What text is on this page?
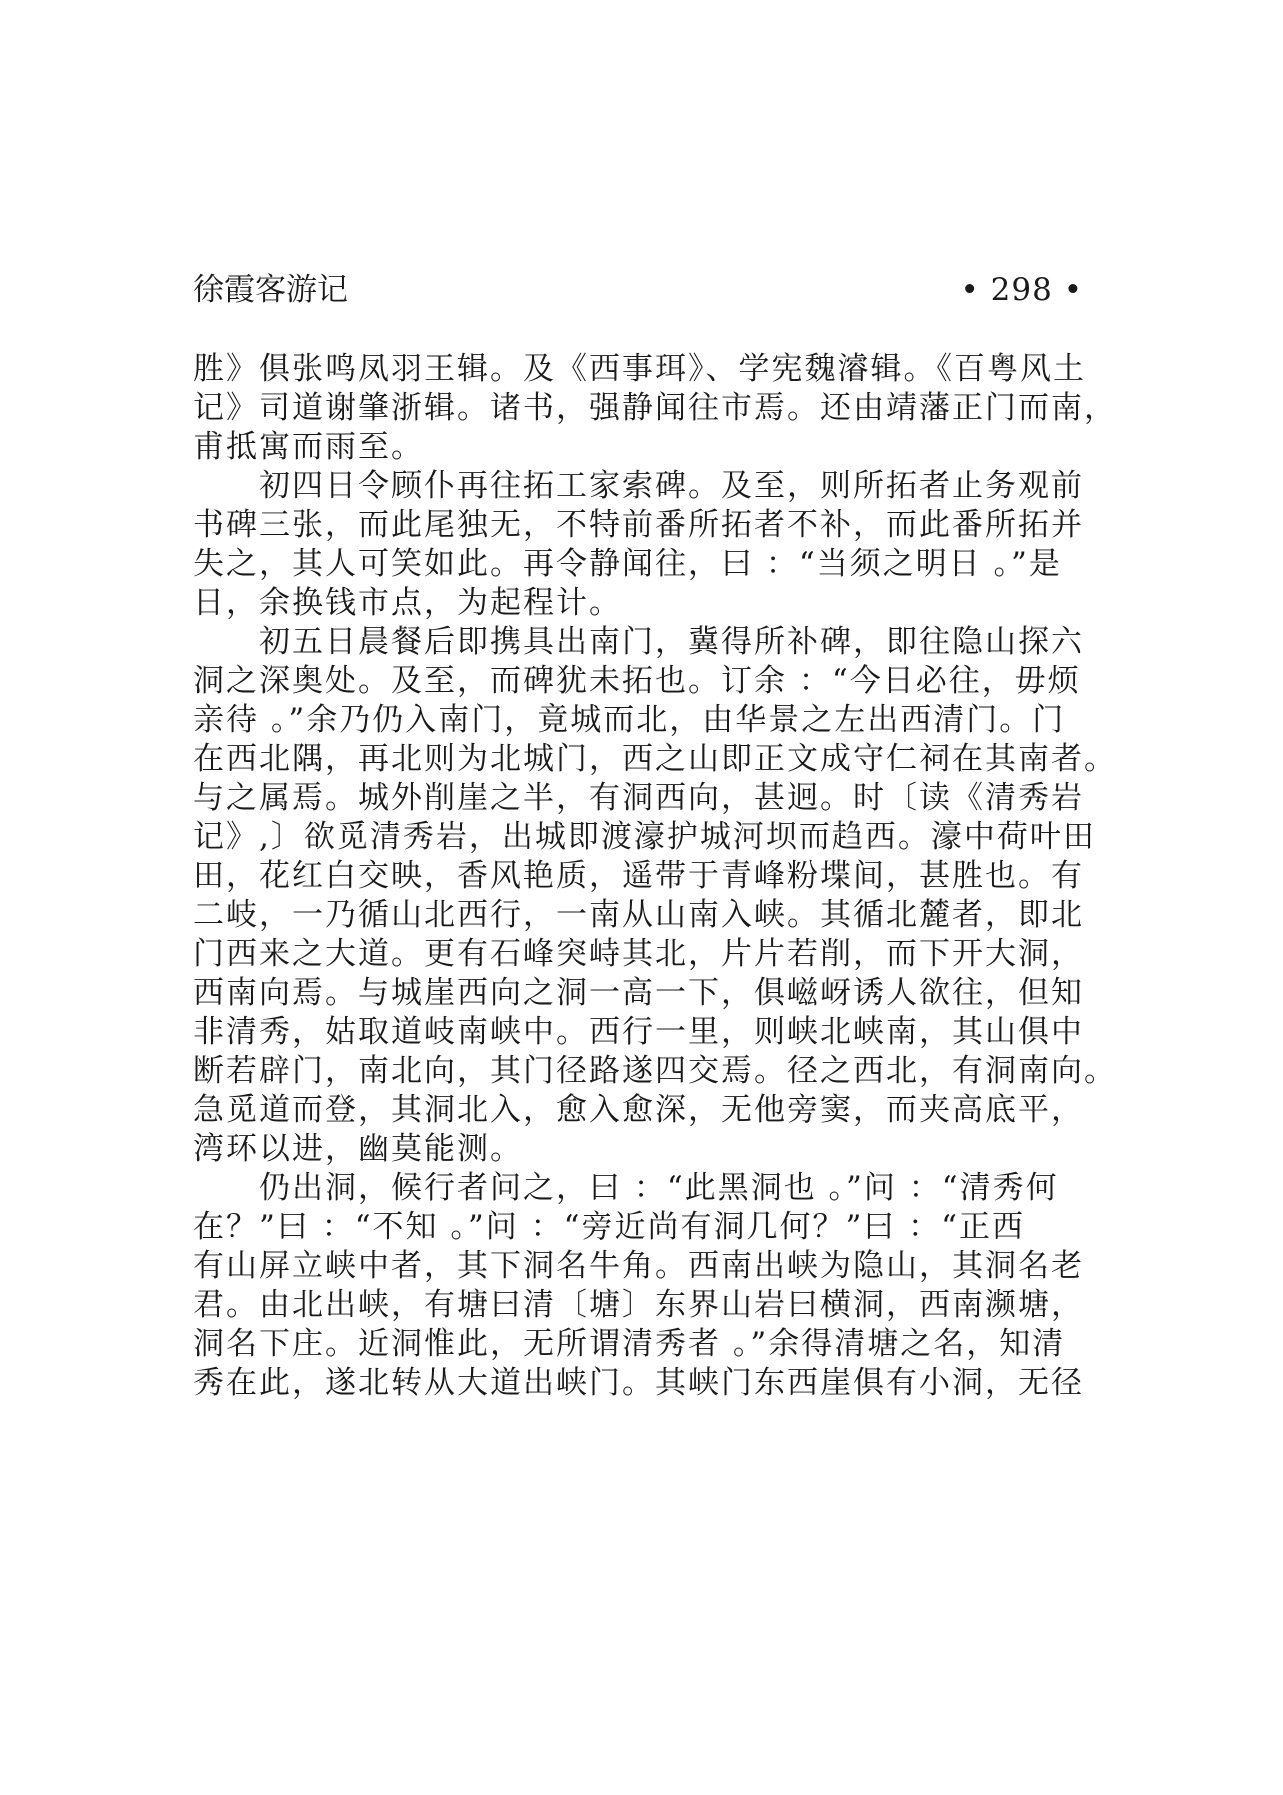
徐霞客游记	• 298 •
胜》俱张鸣凤羽王辑。及《西事珥》、学宪魏濬辑。《百粤风土
记》司道谢肇浙辑。诸书，强静闻往市焉。还由靖藩正门而南，
甫抵寓而雨至。
　　初四日令顾仆再往拓工家索碑。及至，则所拓者止务观前
书碑三张，而此尾独无，不特前番所拓者不补，而此番所拓并
失之，其人可笑如此。再令静闻往，曰 ：“当须之明日 。”是
日，余换钱市点，为起程计。
　　初五日晨餐后即携具出南门，冀得所补碑，即往隐山探六
洞之深奥处。及至，而碑犹未拓也。订余 ：“今日必往，毋烦
亲待 。”余乃仍入南门，竟城而北，由华景之左出西清门。门
在西北隅，再北则为北城门，西之山即正文成守仁祠在其南者。
与之属焉。城外削崖之半，有洞西向，甚迥。时〔读《清秀岩
记》,〕欲觅清秀岩，出城即渡濠护城河坝而趋西。濠中荷叶田
田，花红白交映，香风艳质，遥带于青峰粉堞间，甚胜也。有
二岐，一乃循山北西行，一南从山南入峡。其循北麓者，即北
门西来之大道。更有石峰突峙其北，片片若削，而下开大洞，
西南向焉。与城崖西向之洞一高一下，俱嵫岈诱人欲往，但知
非清秀，姑取道岐南峡中。西行一里，则峡北峡南，其山俱中
断若辟门，南北向，其门径路遂四交焉。径之西北，有洞南向。
急觅道而登，其洞北入，愈入愈深，无他旁窦，而夹高底平，
湾环以进，幽莫能测。
　　仍出洞，候行者问之，曰 ：“此黑洞也 。”问 ：“清秀何
在？”曰 ：“不知 。”问 ：“旁近尚有洞几何？”曰 ：“正西
有山屏立峡中者，其下洞名牛角。西南出峡为隐山，其洞名老
君。由北出峡，有塘曰清〔塘〕东界山岩曰横洞，西南濒塘，
洞名下庄。近洞惟此，无所谓清秀者 。”余得清塘之名，知清
秀在此，遂北转从大道出峡门。其峡门东西崖俱有小洞，无径
